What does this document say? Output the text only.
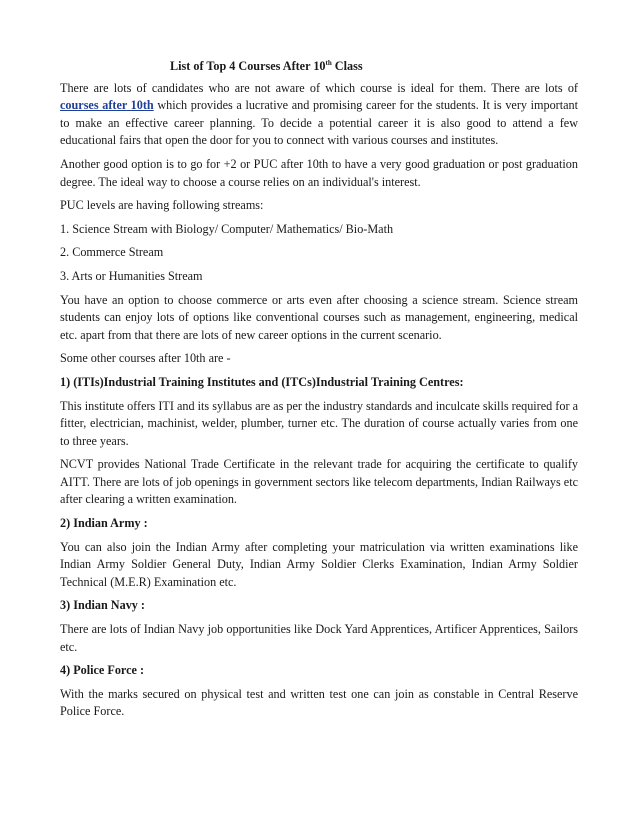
List of Top 4 Courses After 10th Class

There are lots of candidates who are not aware of which course is ideal for them. There are lots of courses after 10th which provides a lucrative and promising career for the students. It is very important to make an effective career planning. To decide a potential career it is also good to attend a few educational fairs that open the door for you to connect with various courses and institutes.

Another good option is to go for +2 or PUC after 10th to have a very good graduation or post graduation degree. The ideal way to choose a course relies on an individual's interest.

PUC levels are having following streams:

1. Science Stream with Biology/ Computer/ Mathematics/ Bio-Math

2. Commerce Stream

3. Arts or Humanities Stream

You have an option to choose commerce or arts even after choosing a science stream. Science stream students can enjoy lots of options like conventional courses such as management, engineering, medical etc. apart from that there are lots of new career options in the current scenario.

Some other courses after 10th are -

1) (ITIs)Industrial Training Institutes and (ITCs)Industrial Training Centres:

This institute offers ITI and its syllabus are as per the industry standards and inculcate skills required for a fitter, electrician, machinist, welder, plumber, turner etc. The duration of course actually varies from one to three years.

NCVT provides National Trade Certificate in the relevant trade for acquiring the certificate to qualify AITT. There are lots of job openings in government sectors like telecom departments, Indian Railways etc after clearing a written examination.

2) Indian Army :

You can also join the Indian Army after completing your matriculation via written examinations like Indian Army Soldier General Duty, Indian Army Soldier Clerks Examination, Indian Army Soldier Technical (M.E.R) Examination etc.

3) Indian Navy :

There are lots of Indian Navy job opportunities like Dock Yard Apprentices, Artificer Apprentices, Sailors etc.

4) Police Force :

With the marks secured on physical test and written test one can join as constable in Central Reserve Police Force.
